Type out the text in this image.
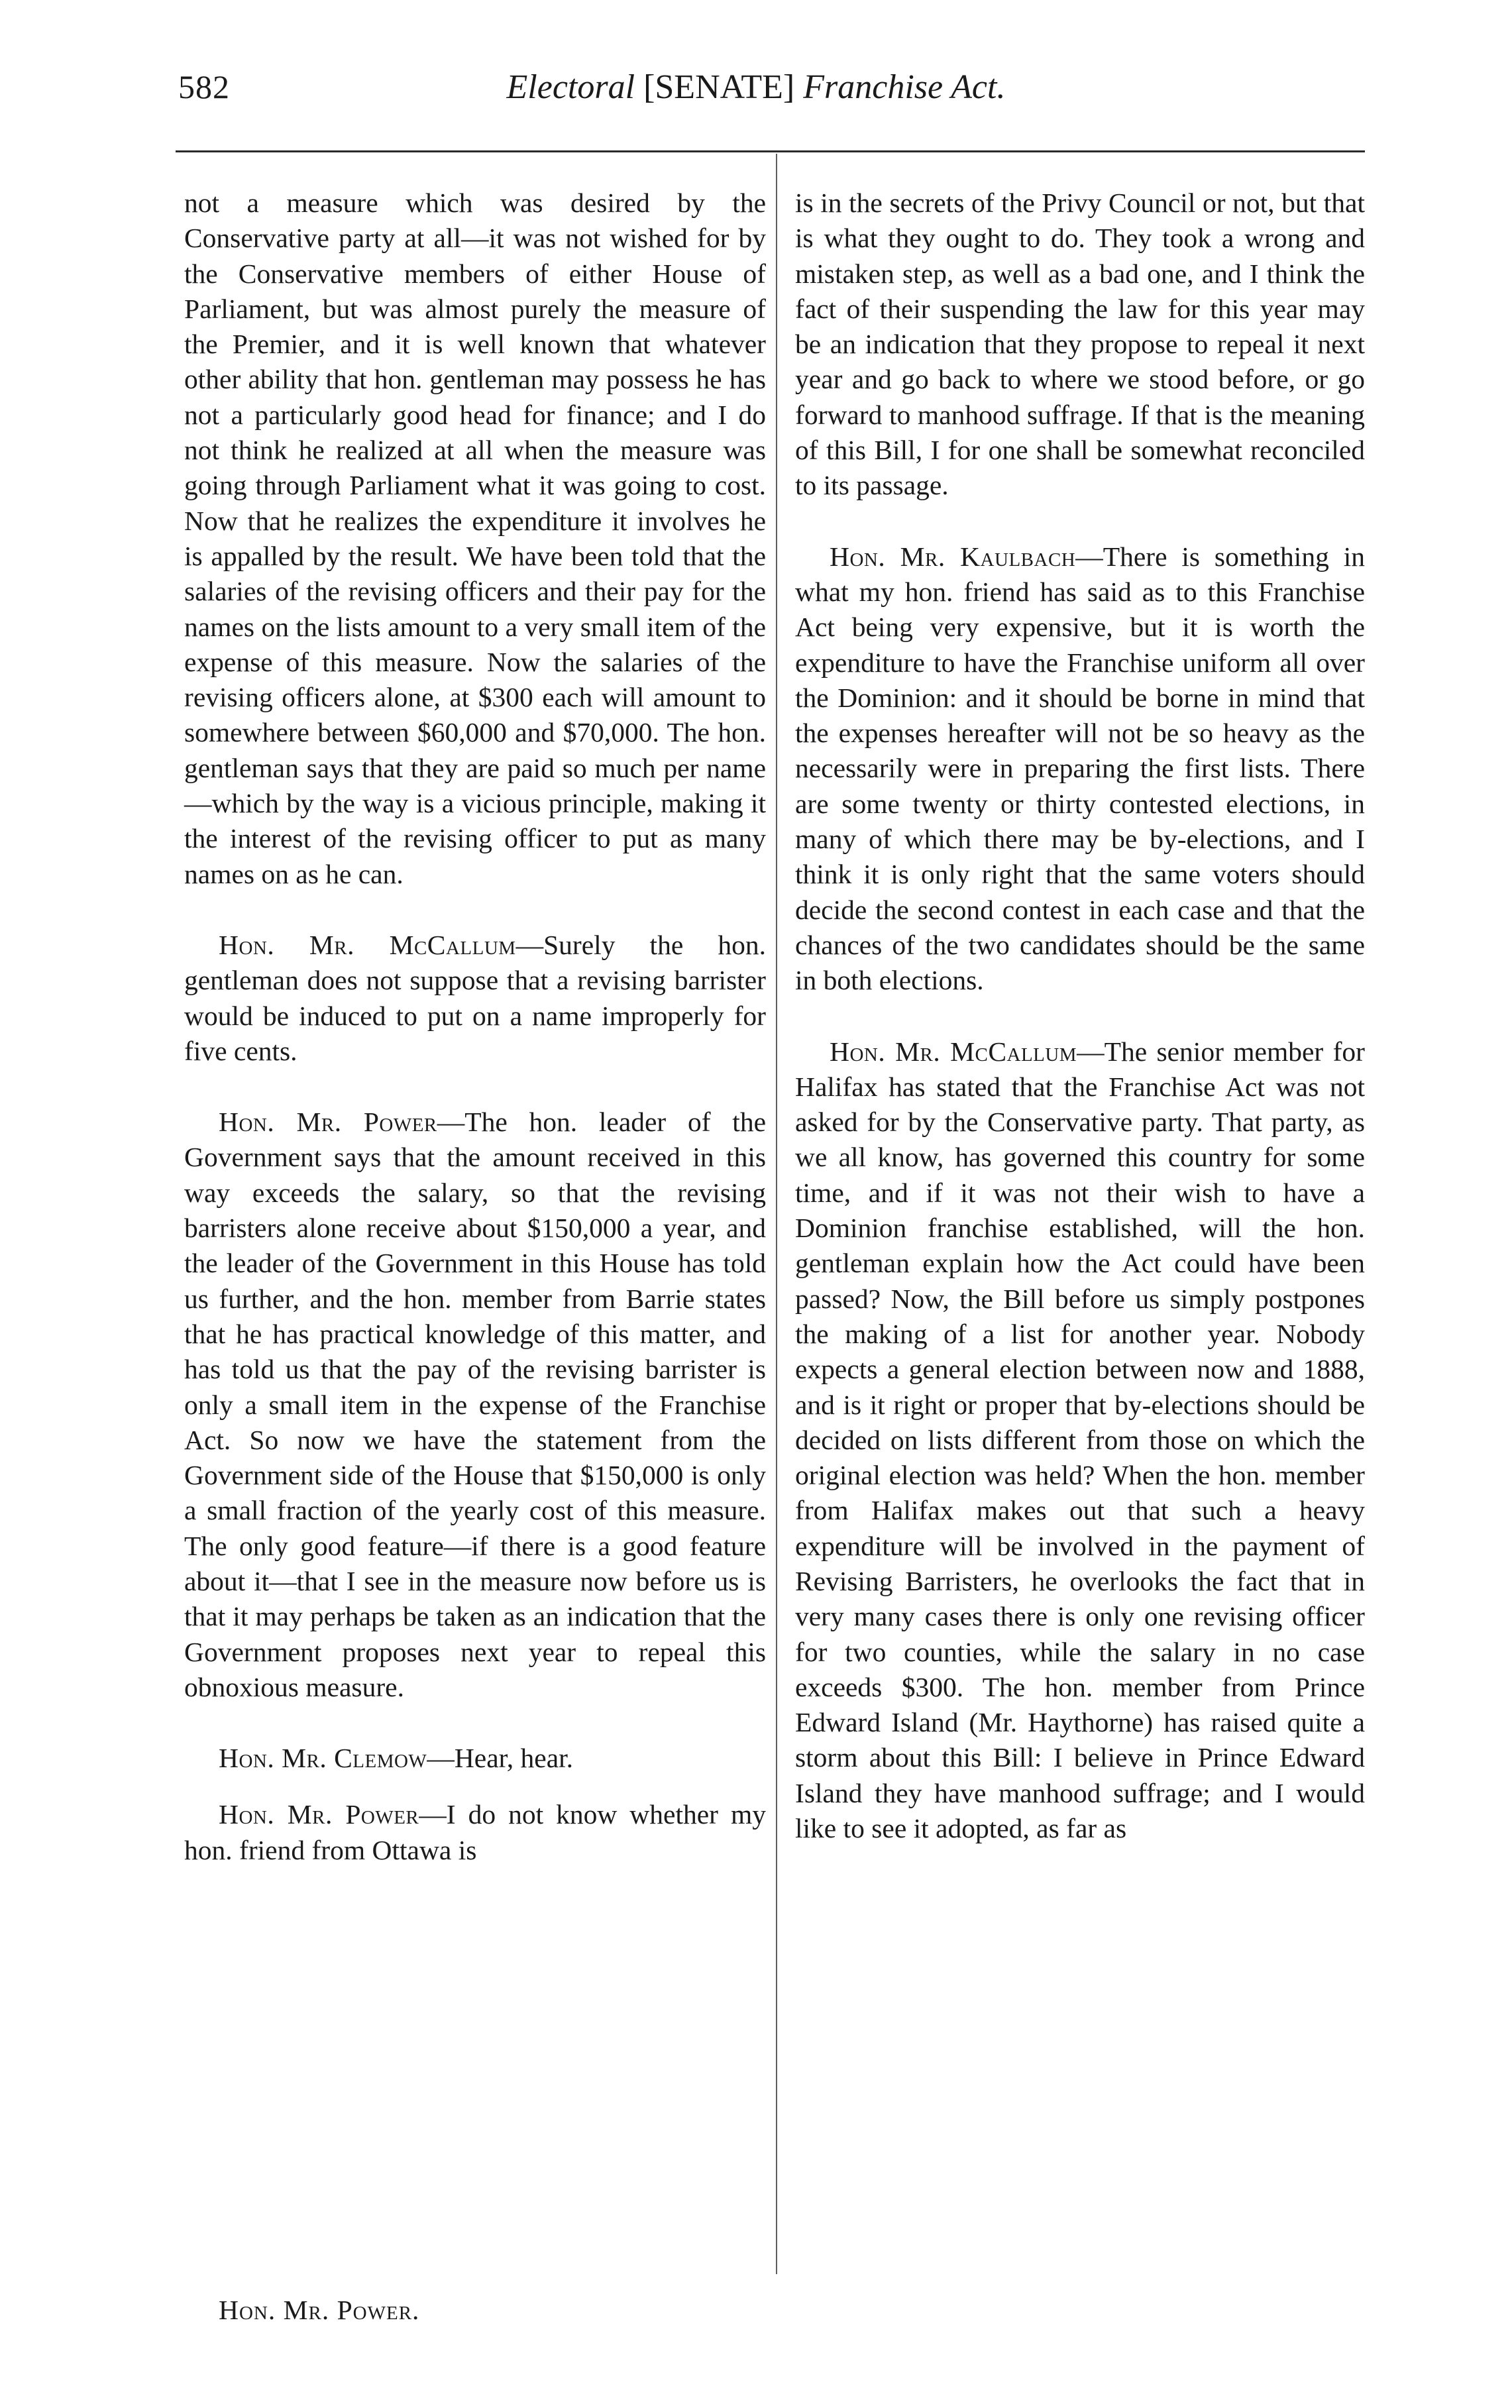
582	Electoral [SENATE] Franchise Act.

not a measure which was desired by the Conservative party at all—it was not wished for by the Conservative members of either House of Parliament, but was almost purely the measure of the Premier, and it is well known that whatever other ability that hon. gentleman may possess he has not a particularly good head for finance; and I do not think he realized at all when the measure was going through Parliament what it was going to cost. Now that he realizes the expenditure it involves he is appalled by the result. We have been told that the salaries of the revising officers and their pay for the names on the lists amount to a very small item of the expense of this measure. Now the salaries of the revising officers alone, at $300 each will amount to somewhere between $60,000 and $70,000. The hon. gentleman says that they are paid so much per name—which by the way is a vicious principle, making it the interest of the revising officer to put as many names on as he can.

Hon. Mr. McCallum—Surely the hon. gentleman does not suppose that a revising barrister would be induced to put on a name improperly for five cents.

Hon. Mr. Power—The hon. leader of the Government says that the amount received in this way exceeds the salary, so that the revising barristers alone receive about $150,000 a year, and the leader of the Government in this House has told us further, and the hon. member from Barrie states that he has practical knowledge of this matter, and has told us that the pay of the revising barrister is only a small item in the expense of the Franchise Act. So now we have the statement from the Government side of the House that $150,000 is only a small fraction of the yearly cost of this measure. The only good feature—if there is a good feature about it—that I see in the measure now before us is that it may perhaps be taken as an indication that the Government proposes next year to repeal this obnoxious measure.

Hon. Mr. Clemow—Hear, hear.

Hon. Mr. Power—I do not know whether my hon. friend from Ottawa is

is in the secrets of the Privy Council or not, but that is what they ought to do. They took a wrong and mistaken step, as well as a bad one, and I think the fact of their suspending the law for this year may be an indication that they propose to repeal it next year and go back to where we stood before, or go forward to manhood suffrage. If that is the meaning of this Bill, I for one shall be somewhat reconciled to its passage.

Hon. Mr. Kaulbach—There is something in what my hon. friend has said as to this Franchise Act being very expensive, but it is worth the expenditure to have the Franchise uniform all over the Dominion: and it should be borne in mind that the expenses hereafter will not be so heavy as the necessarily were in preparing the first lists. There are some twenty or thirty contested elections, in many of which there may be by-elections, and I think it is only right that the same voters should decide the second contest in each case and that the chances of the two candidates should be the same in both elections.

Hon. Mr. McCallum—The senior member for Halifax has stated that the Franchise Act was not asked for by the Conservative party. That party, as we all know, has governed this country for some time, and if it was not their wish to have a Dominion franchise established, will the hon. gentleman explain how the Act could have been passed? Now, the Bill before us simply postpones the making of a list for another year. Nobody expects a general election between now and 1888, and is it right or proper that by-elections should be decided on lists different from those on which the original election was held? When the hon. member from Halifax makes out that such a heavy expenditure will be involved in the payment of Revising Barristers, he overlooks the fact that in very many cases there is only one revising officer for two counties, while the salary in no case exceeds $300. The hon. member from Prince Edward Island (Mr. Haythorne) has raised quite a storm about this Bill: I believe in Prince Edward Island they have manhood suffrage; and I would like to see it adopted, as far as

Hon. Mr. Power.
